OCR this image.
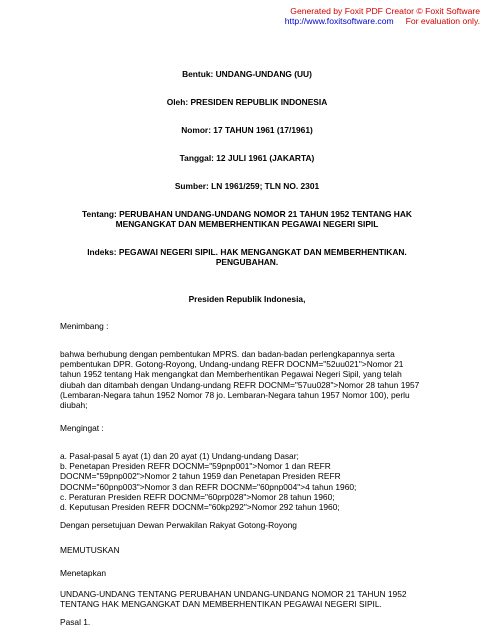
Generated by Foxit PDF Creator © Foxit Software
http://www.foxitsoftware.com For evaluation only.
Bentuk: UNDANG-UNDANG (UU)
Oleh: PRESIDEN REPUBLIK INDONESIA
Nomor: 17 TAHUN 1961 (17/1961)
Tanggal: 12 JULI 1961 (JAKARTA)
Sumber: LN 1961/259; TLN NO. 2301
Tentang: PERUBAHAN UNDANG-UNDANG NOMOR 21 TAHUN 1952 TENTANG HAK
MENGANGKAT DAN MEMBERHENTIKAN PEGAWAI NEGERI SIPIL
Indeks: PEGAWAI NEGERI SIPIL. HAK MENGANGKAT DAN MEMBERHENTIKAN.
PENGUBAHAN.
Presiden Republik Indonesia,
Menimbang :
bahwa berhubung dengan pembentukan MPRS. dan badan-badan perlengkapannya serta
pembentukan DPR. Gotong-Royong, Undang-undang REFR DOCNM="52uu021">Nomor 21
tahun 1952 tentang Hak mengangkat dan Memberhentikan Pegawai Negeri Sipil, yang telah
diubah dan ditambah dengan Undang-undang REFR DOCNM="57uu028">Nomor 28 tahun 1957
(Lembaran-Negara tahun 1952 Nomor 78 jo. Lembaran-Negara tahun 1957 Nomor 100), perlu
diubah;
Mengingat :
a. Pasal-pasal 5 ayat (1) dan 20 ayat (1) Undang-undang Dasar;
b. Penetapan Presiden REFR DOCNM="59pnp001">Nomor 1 dan REFR
DOCNM="59pnp002">Nomor 2 tahun 1959 dan Penetapan Presiden REFR
DOCNM="60pnp003">Nomor 3 dan REFR DOCNM="60pnp004">4 tahun 1960;
c. Peraturan Presiden REFR DOCNM="60prp028">Nomor 28 tahun 1960;
d. Keputusan Presiden REFR DOCNM="60kp292">Nomor 292 tahun 1960;
Dengan persetujuan Dewan Perwakilan Rakyat Gotong-Royong
MEMUTUSKAN
Menetapkan
UNDANG-UNDANG TENTANG PERUBAHAN UNDANG-UNDANG NOMOR 21 TAHUN 1952
TENTANG HAK MENGANGKAT DAN MEMBERHENTIKAN PEGAWAI NEGERI SIPIL.
Pasal 1.
